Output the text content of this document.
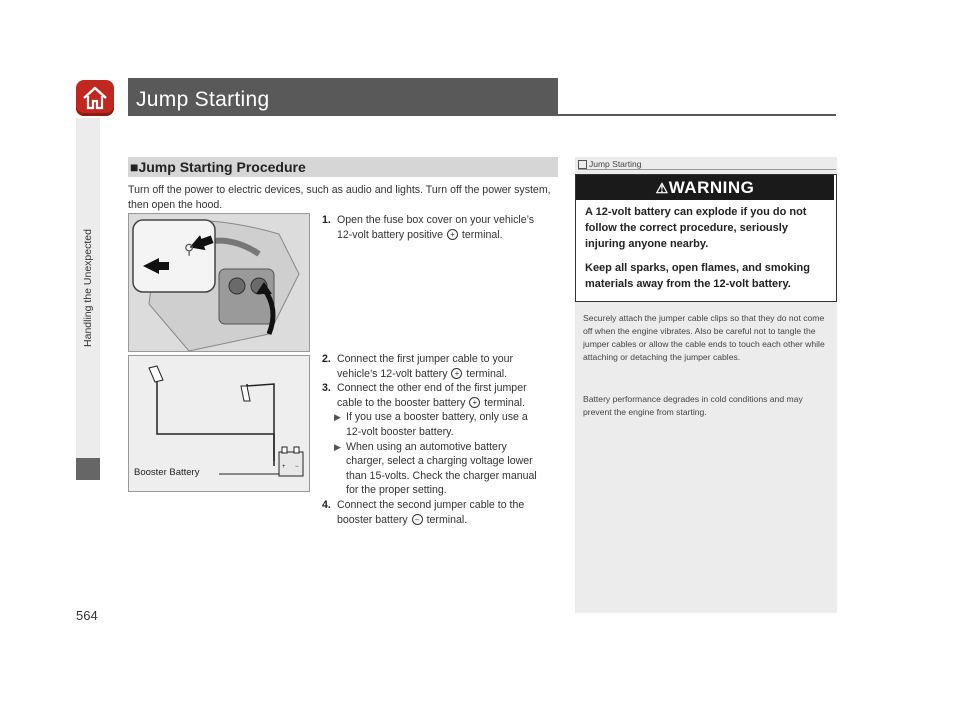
Jump Starting
Handling the Unexpected
564
■Jump Starting Procedure
Turn off the power to electric devices, such as audio and lights. Turn off the power system, then open the hood.
⚲
+ −
Booster Battery
1. Open the fuse box cover on your vehicle’s
12-volt battery positive + terminal.
2. Connect the first jumper cable to your
vehicle’s 12-volt battery + terminal.
3. Connect the other end of the first jumper
cable to the booster battery + terminal.
▶ If you use a booster battery, only use a
12-volt booster battery.
▶ When using an automotive battery
charger, select a charging voltage lower
than 15-volts. Check the charger manual
for the proper setting.
4. Connect the second jumper cable to the
booster battery – terminal.
Jump Starting
⚠WARNING
A 12-volt battery can explode if you do not follow the correct procedure, seriously injuring anyone nearby.
Keep all sparks, open flames, and smoking materials away from the 12-volt battery.
Securely attach the jumper cable clips so that they do not come off when the engine vibrates. Also be careful not to tangle the jumper cables or allow the cable ends to touch each other while attaching or detaching the jumper cables.
Battery performance degrades in cold conditions and may prevent the engine from starting.
